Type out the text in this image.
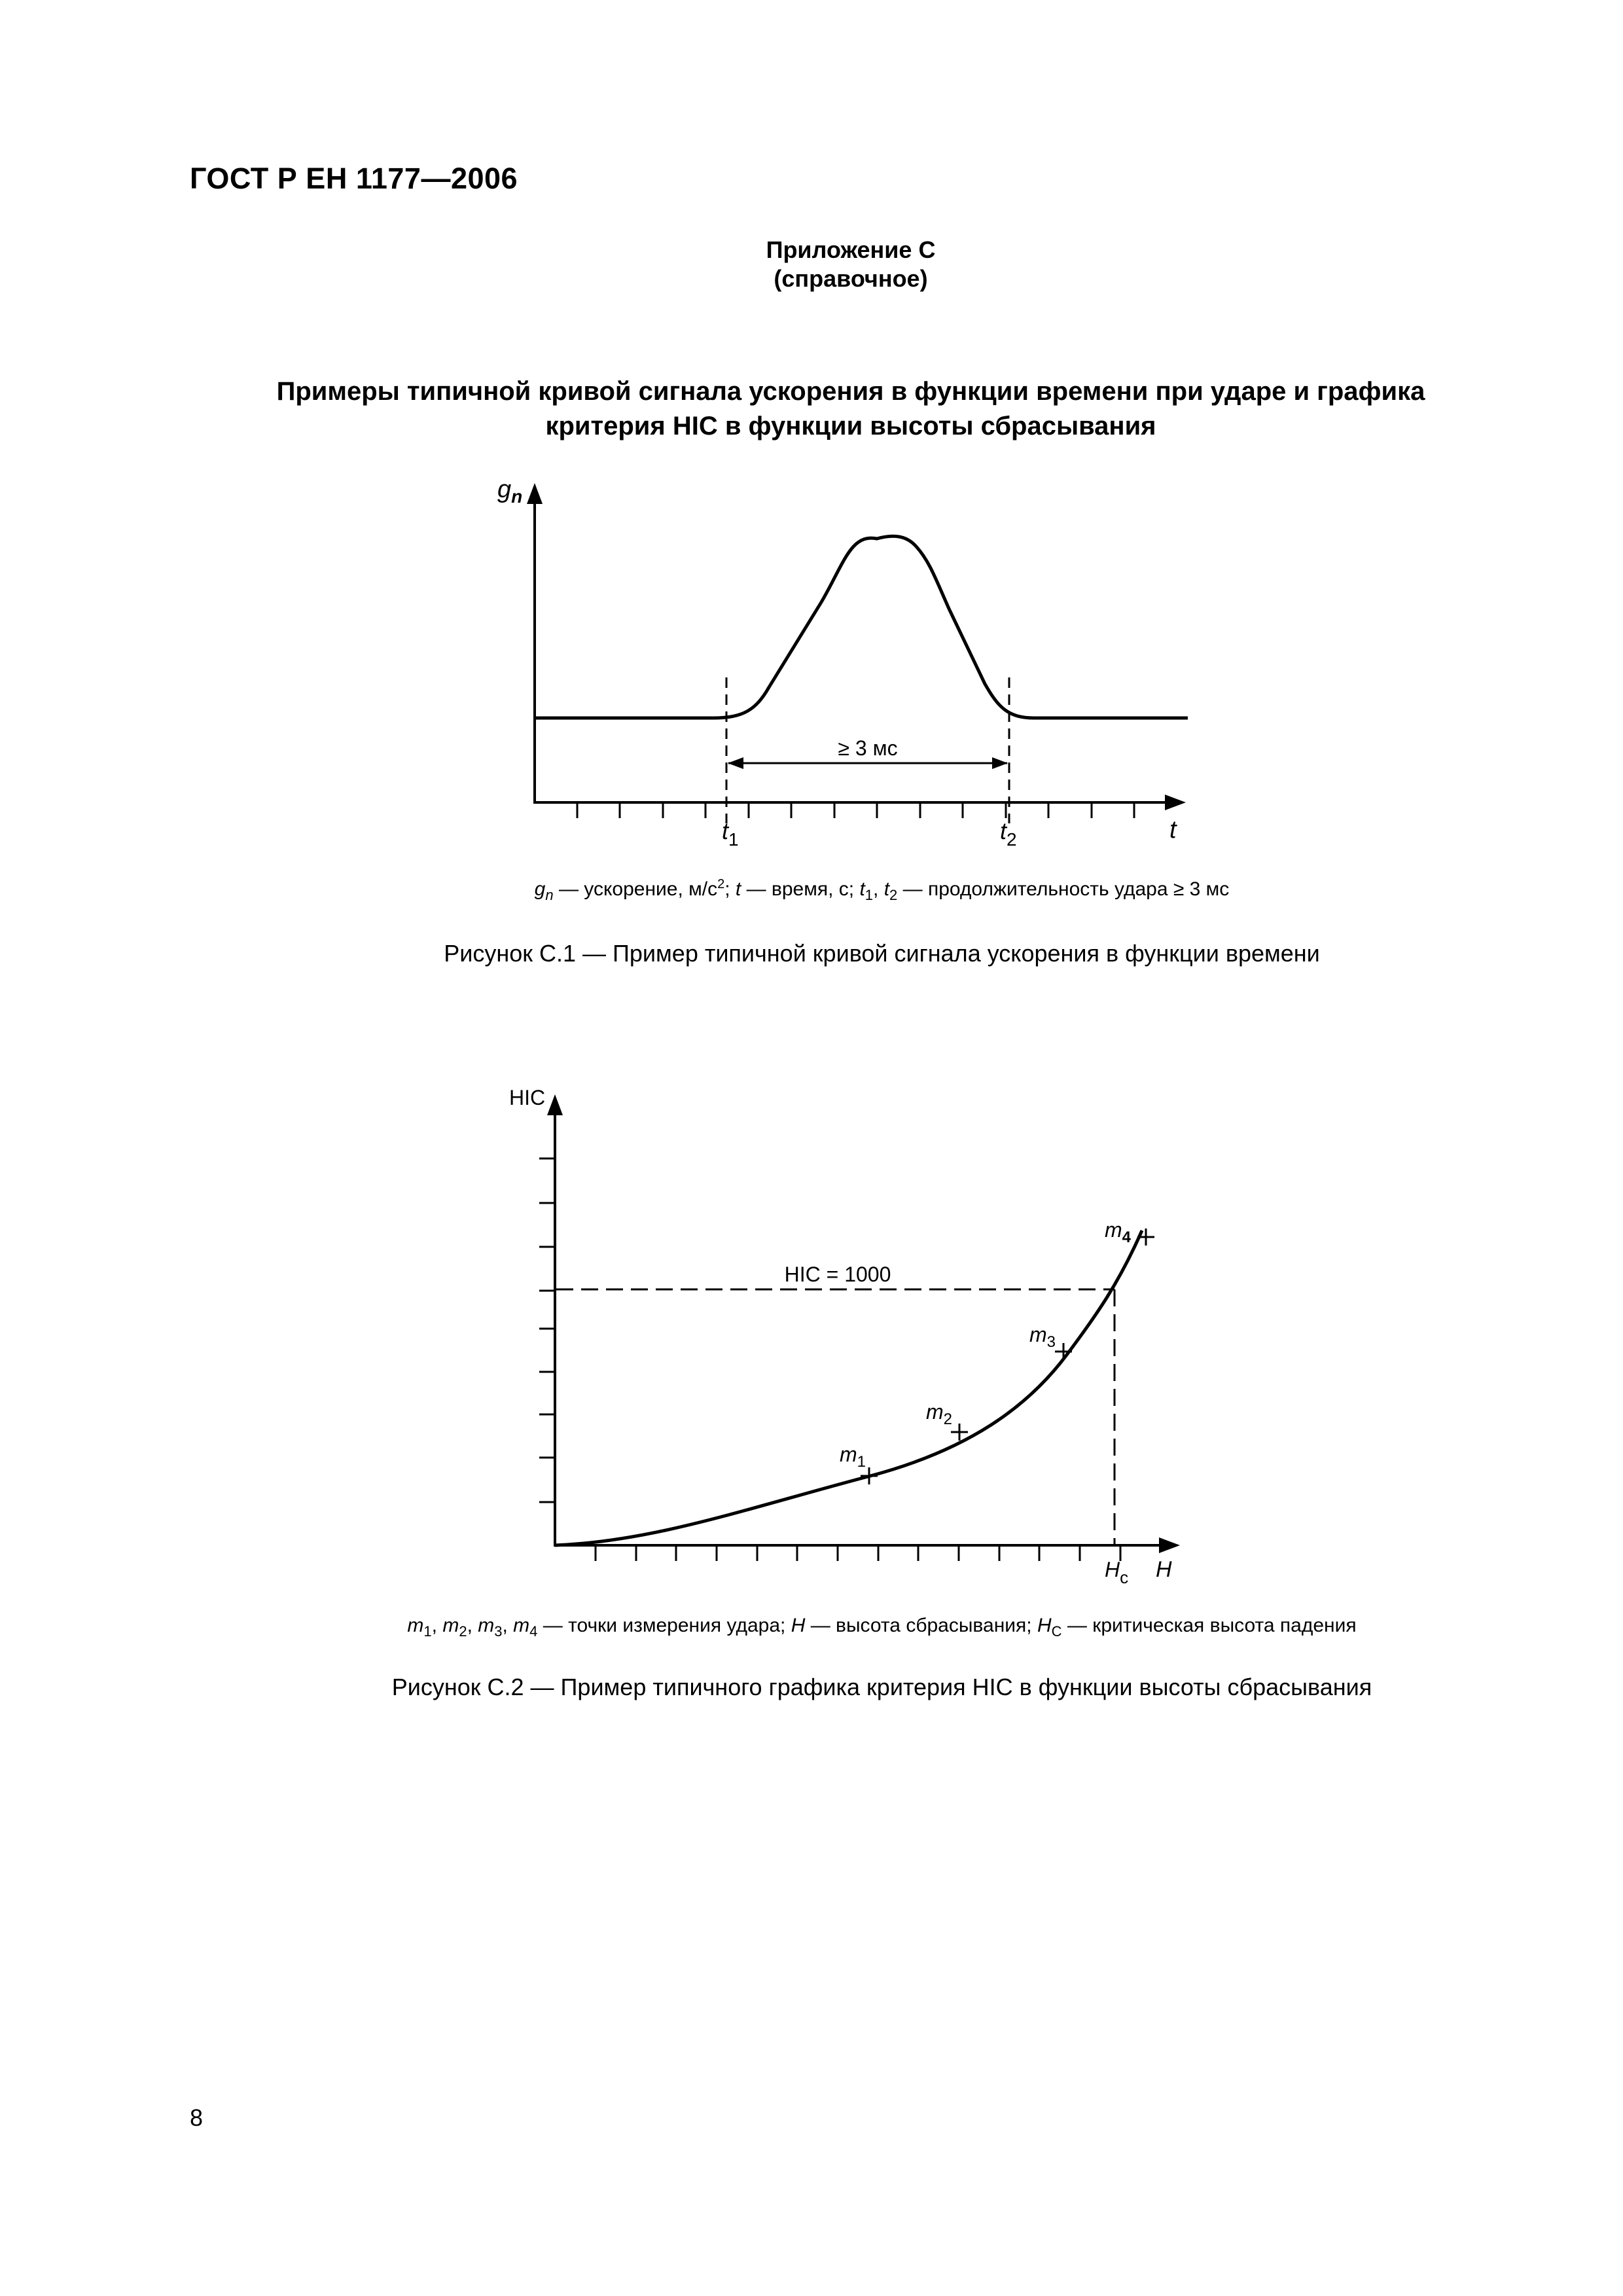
ГОСТ Р ЕН 1177—2006
Приложение С
(справочное)
Примеры типичной кривой сигнала ускорения в функции времени при ударе и графика
критерия HIC в функции высоты сбрасывания
≥ 3 мс
$g_n$
$t_1$	$t_2$	t
HIC = 1000
$m_1$
$m_2$
$m_3$
$m_4$
HIC
$H_c$ H
$g_n$ — ускорение, $м/с^2$; t — время, с; $t_1$, $t_2$ — продолжительность удара ≥ 3 мс
Рисунок С.1 — Пример типичной кривой сигнала ускорения в функции времени
$m_1$, $m_2$, $m_3$, $m_4$ — точки измерения удара; H — высота сбрасывания; $H_C$ — критическая высота падения
Рисунок С.2 — Пример типичного графика критерия HIC в функции высоты сбрасывания
8
